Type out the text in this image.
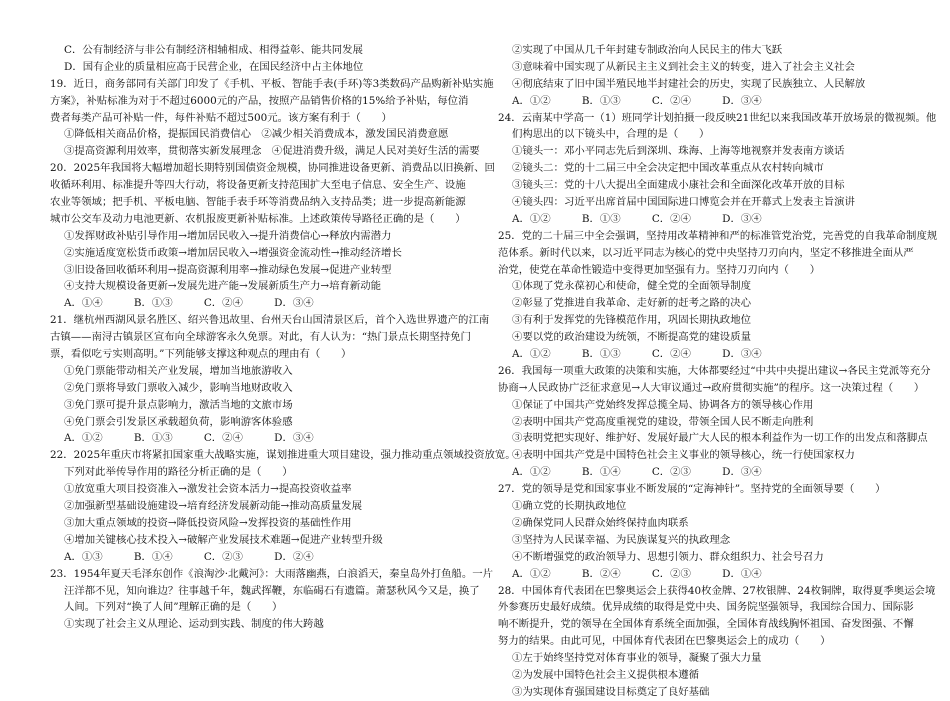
C．公有制经济与非公有制经济相辅相成、相得益彰、能共同发展
D．国有企业的质量相应高于民营企业，在国民经济中占主体地位
19．近日，商务部同有关部门印发了《手机、平板、智能手表(手环)等3类数码产品购新补贴实施
方案》，补贴标准为对于不超过6000元的产品，按照产品销售价格的15%给予补贴，每位消
费者每类产品可补贴一件，每件补贴不超过500元。该方案有利于（　　）
①降低相关商品价格，提振国民消费信心　②减少相关消费成本，激发国民消费意愿
③提高资源利用效率，贯彻落实新发展理念　④促进消费升级，满足人民对美好生活的需要
20．2025年我国将大幅增加超长期特别国债资金规模，协同推进设备更新、消费品以旧换新、回
收循环利用、标准提升等四大行动，将设备更新支持范围扩大至电子信息、安全生产、设施
农业等领域；把手机、平板电脑、智能手表手环等消费品纳入支持品类；进一步提高新能源
城市公交车及动力电池更新、农机报废更新补贴标准。上述政策传导路径正确的是（　　）
①发挥财政补贴引导作用→增加居民收入→提升消费信心→释放内需潜力
②实施适度宽松货币政策→增加居民收入→增强资金流动性→推动经济增长
③旧设备回收循环利用→提高资源利用率→推动绿色发展→促进产业转型
④支持大规模设备更新→发展先进产能→发展新质生产力→培育新动能
A．①④　　　B．①③　　　C．②④　　　D．③④
21．继杭州西湖风景名胜区、绍兴鲁迅故里、台州天台山国清景区后，首个入选世界遗产的江南
古镇——南浔古镇景区宣布向全球游客永久免票。对此，有人认为：“热门景点长期坚持免门
票，看似吃亏实则高明。”下列能够支撑这种观点的理由有（　　）
①免门票能带动相关产业发展，增加当地旅游收入
②免门票将导致门票收入减少，影响当地财政收入
③免门票可提升景点影响力，激活当地的文旅市场
④免门票会引发景区承载超负荷，影响游客体验感
A．①②　　　B．①③　　　C．②④　　　D．③④
22．2025年重庆市将紧扣国家重大战略实施，谋划推进重大项目建设，强力推动重点领域投资放宽。
下列对此举传导作用的路径分析正确的是（　　）
①放宽重大项目投资准入→激发社会资本活力→提高投资收益率
②加强新型基础设施建设→培育经济发展新动能→推动高质量发展
③加大重点领域的投资→降低投资风险→发挥投资的基础性作用
④增加关键核心技术投入→破解产业发展技术难题→促进产业转型升级
A．①③　　　B．①④　　　C．②③　　　D．②④
23．1954年夏天毛泽东创作《浪淘沙·北戴河》：大雨落幽燕，白浪滔天，秦皇岛外打鱼船。一片
汪洋都不见，知向谁边？往事越千年，魏武挥鞭，东临碣石有遗篇。萧瑟秋风今又是，换了
人间。下列对“换了人间”理解正确的是（　　）
①实现了社会主义从理论、运动到实践、制度的伟大跨越
②实现了中国从几千年封建专制政治向人民民主的伟大飞跃
③意味着中国实现了从新民主主义到社会主义的转变，进入了社会主义社会
④彻底结束了旧中国半殖民地半封建社会的历史，实现了民族独立、人民解放
A．①②　　　B．①③　　　C．②④　　　D．③④
24．云南某中学高一（1）班同学计划拍摄一段反映21世纪以来我国改革开放场景的微视频。他
们构思出的以下镜头中，合理的是（　　）
①镜头一：邓小平同志先后到深圳、珠海、上海等地视察并发表南方谈话
②镜头二：党的十二届三中全会决定把中国改革重点从农村转向城市
③镜头三：党的十八大提出全面建成小康社会和全面深化改革开放的目标
④镜头四：习近平出席首届中国国际进口博览会并在开幕式上发表主旨演讲
A．①②　　　B．①③　　　C．②④　　　D．③④
25．党的二十届三中全会强调，坚持用改革精神和严的标准管党治党，完善党的自我革命制度规
范体系。新时代以来，以习近平同志为核心的党中央坚持刀刃向内，坚定不移推进全面从严
治党，使党在革命性锻造中变得更加坚强有力。坚持刀刃向内（　　）
①体现了党永葆初心和使命，健全党的全面领导制度
②彰显了党推进自我革命、走好新的赶考之路的决心
③有利于发挥党的先锋模范作用，巩固长期执政地位
④要以党的政治建设为统领，不断提高党的建设质量
A．①②　　　B．①③　　　C．②④　　　D．③④
26．我国每一项重大政策的决策和实施，大体都要经过“中共中央提出建议→各民主党派等充分
协商→人民政协广泛征求意见→人大审议通过→政府贯彻实施”的程序。这一决策过程（　　）
①保证了中国共产党始终发挥总揽全局、协调各方的领导核心作用
②表明中国共产党高度重视党的建设，带领全国人民不断走向胜利
③表明党把实现好、维护好、发展好最广大人民的根本利益作为一切工作的出发点和落脚点
④表明中国共产党是中国特色社会主义事业的领导核心，统一行使国家权力
A．①②　　　B．①④　　　C．②③　　　D．③④
27．党的领导是党和国家事业不断发展的“定海神针”。坚持党的全面领导要（　　）
①确立党的长期执政地位
②确保党同人民群众始终保持血肉联系
③坚持为人民谋幸福、为民族谋复兴的执政理念
④不断增强党的政治领导力、思想引领力、群众组织力、社会号召力
A．①②　　　B．②④　　　C．②③　　　D．①④
28．中国体育代表团在巴黎奥运会上获得40枚金牌、27枚银牌、24枚铜牌，取得夏季奥运会境
外参赛历史最好成绩。优异成绩的取得是党中央、国务院坚强领导，我国综合国力、国际影
响不断提升，党的领导在全国体育系统全面加强，全国体育战线胸怀祖国、奋发图强、不懈
努力的结果。由此可见，中国体育代表团在巴黎奥运会上的成功（　　）
①左于始终坚持党对体育事业的领导，凝聚了强大力量
②为发展中国特色社会主义提供根本遵循
③为实现体育强国建设目标奠定了良好基础
